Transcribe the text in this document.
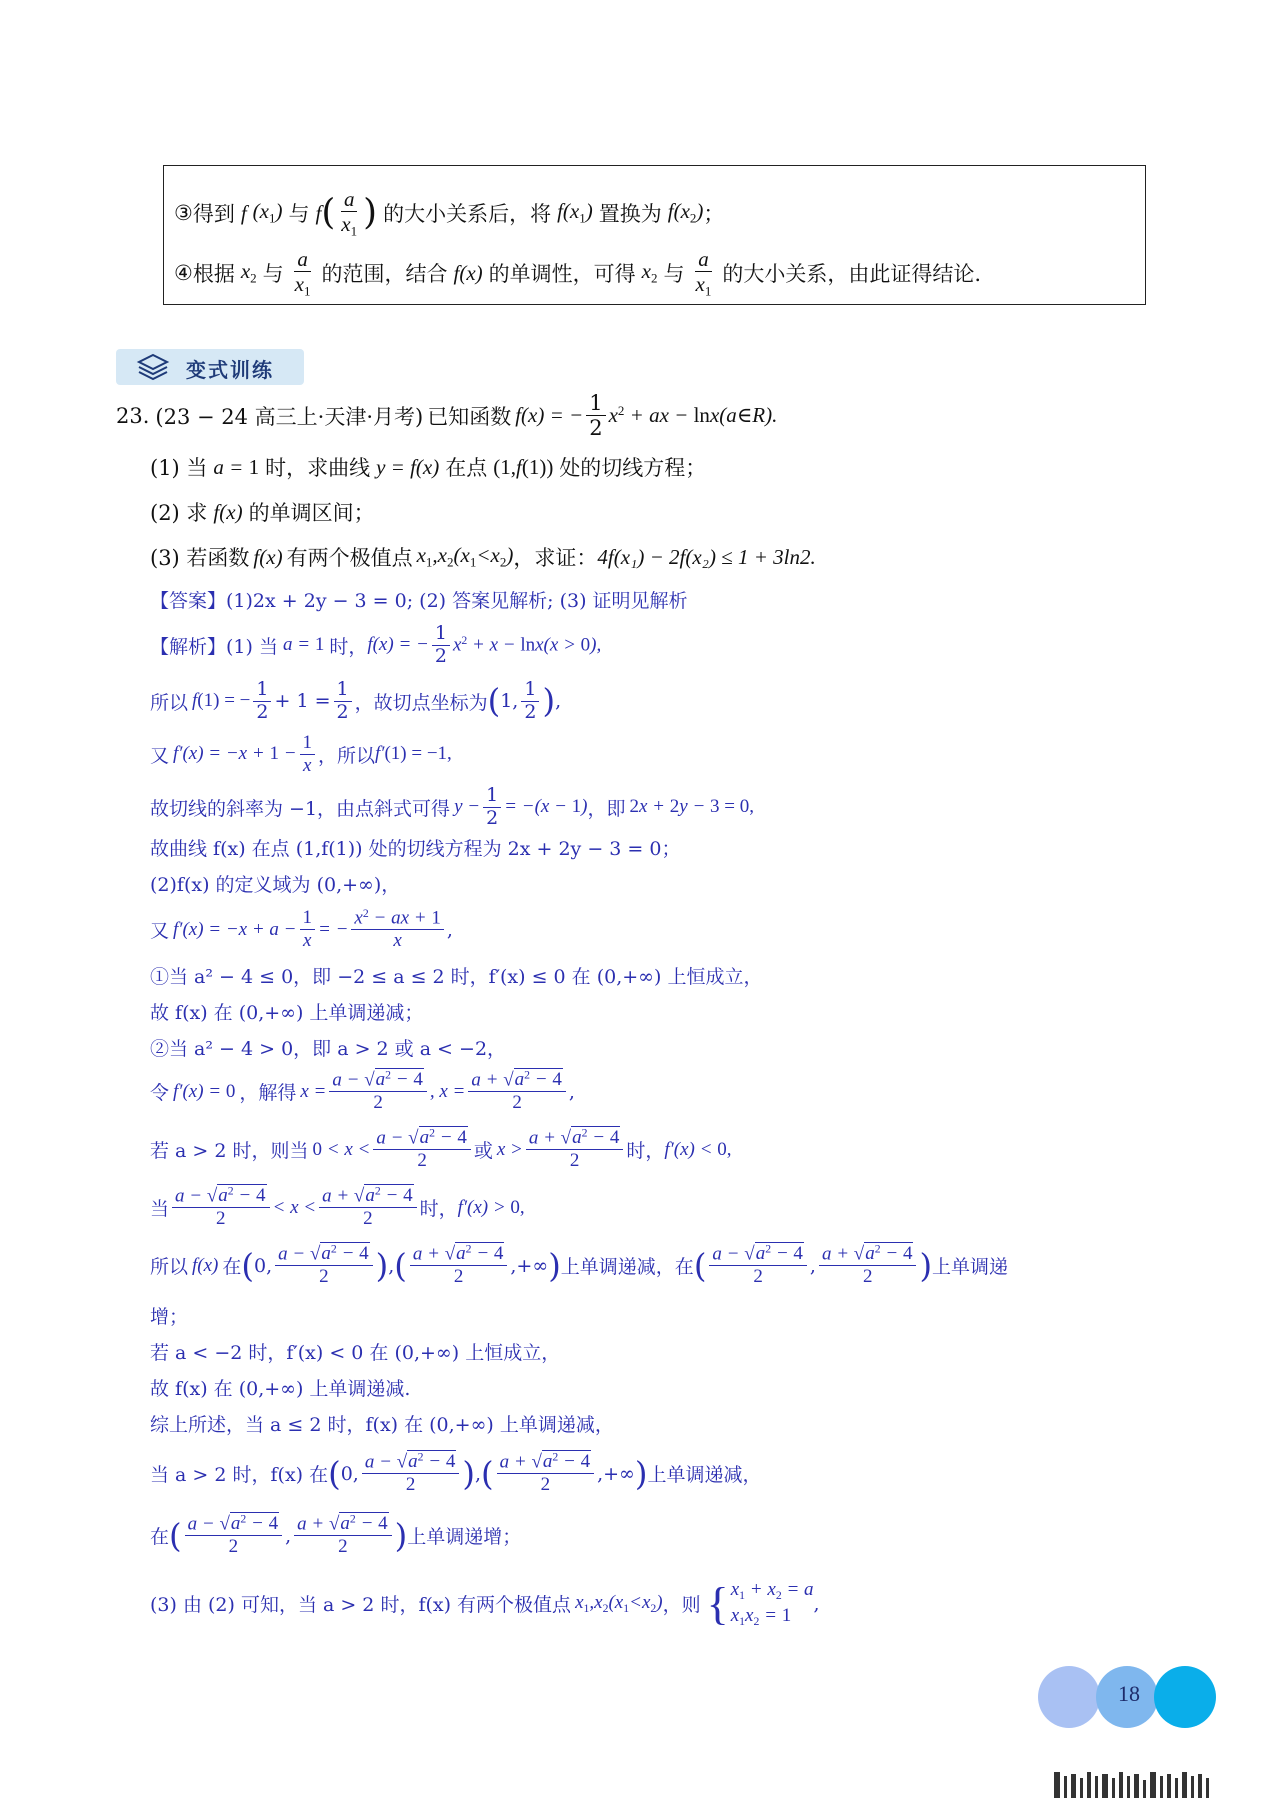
③ 得到 f $(x_1)$ 与 f ( $\frac{a}{x_1}$ ) 的大小关系后，将 $f(x_1)$ 置换为 $f(x_2)$ ；
④ 根据 $x_2$ 与 $\frac{a}{x_1}$ 的范围，结合 f(x) 的单调性，可得 $x_2$ 与 $\frac{a}{x_1}$ 的大小关系，由此证得结论.
变式训练
23. (23 − 24 高三上·天津·月考) 已知函数 f(x) = − $\frac{1}{2} x^2$ + ax − lnx (a∈R).
(1) 当 a = 1 时，求曲线 y = f(x) 在点 (1,f(1)) 处的切线方程；
(2) 求 f(x) 的单调区间；
(3) 若函数 f(x) 有两个极值点 $x_1,x_2(x_1<x_2)$ ，求证： 4f(x₁) − 2f(x₂) ≤ 1 + 3ln2.
【答案】 (1)2x + 2y − 3 = 0; (2) 答案见解析; (3) 证明见解析
【解析】 (1) 当 a = 1 时， f(x) = − $\frac{1}{2} x^2 + x - \ln x(x > 0)$,
所以 f(1) = − $\frac{1}{2} + 1 = \frac{1}{2}$ ，故切点坐标为 ( 1, $\frac{1}{2}$ ) ,
又 $f'(x) = -x + 1 - \frac{1}{x}$ ，所以 f′(1) = −1,
故切线的斜率为 −1，由点斜式可得 $y - \frac{1}{2} = -(x - 1)$ ，即 2x + 2y − 3 = 0,
故曲线 f(x) 在点 (1,f(1)) 处的切线方程为 2x + 2y − 3 = 0；
(2)f(x) 的定义域为 (0,+∞)，
又 $f'(x) = -x + a - \frac{1}{x}$ = − $\frac{x^2 - ax + 1}{x}$ ,
①当 a² − 4 ≤ 0，即 −2 ≤ a ≤ 2 时，f′(x) ≤ 0 在 (0,+∞) 上恒成立，
故 f(x) 在 (0,+∞) 上单调递减；
②当 a² − 4 > 0，即 a > 2 或 a < −2，
令 f′(x) = 0 ，解得 $x = \frac{a - √a^2 - 4}{2}$ , $x = \frac{a + √a^2 - 4}{2}$ ,
若 a > 2 时，则当 $0 < x < \frac{a - √a^2 - 4}{2}$ 或 $x > \frac{a + √a^2 - 4}{2}$ 时， f′(x) < 0,
当 $\frac{a - √a^2 - 4}{2} < x < \frac{a + √a^2 - 4}{2}$ 时， f′(x) > 0,
所以 f(x) 在 ( 0, $\frac{a - √a^2 - 4}{2}$ ) , ( $\frac{a + √a^2 - 4}{2}$ ,+∞ ) 上单调递减，在 ( $\frac{a - √a^2 - 4}{2}$ , $\frac{a + √a^2 - 4}{2}$ ) 上单调递
增；
若 a < −2 时，f′(x) < 0 在 (0,+∞) 上恒成立，
故 f(x) 在 (0,+∞) 上单调递减.
综上所述，当 a ≤ 2 时，f(x) 在 (0,+∞) 上单调递减，
当 a > 2 时，f(x) 在 ( 0, $\frac{a - √a^2 - 4}{2}$ ) , ( $\frac{a + √a^2 - 4}{2}$ ,+∞ ) 上单调递减，
在 ( $\frac{a - √a^2 - 4}{2}$ , $\frac{a + √a^2 - 4}{2}$ ) 上单调递增；
(3) 由 (2) 可知，当 a > 2 时，f(x) 有两个极值点 $x_1,x_2(x_1<x_2)$ ，则 { $x_1 + x_2 = a$
$x_1x_2 = 1$
,
18
